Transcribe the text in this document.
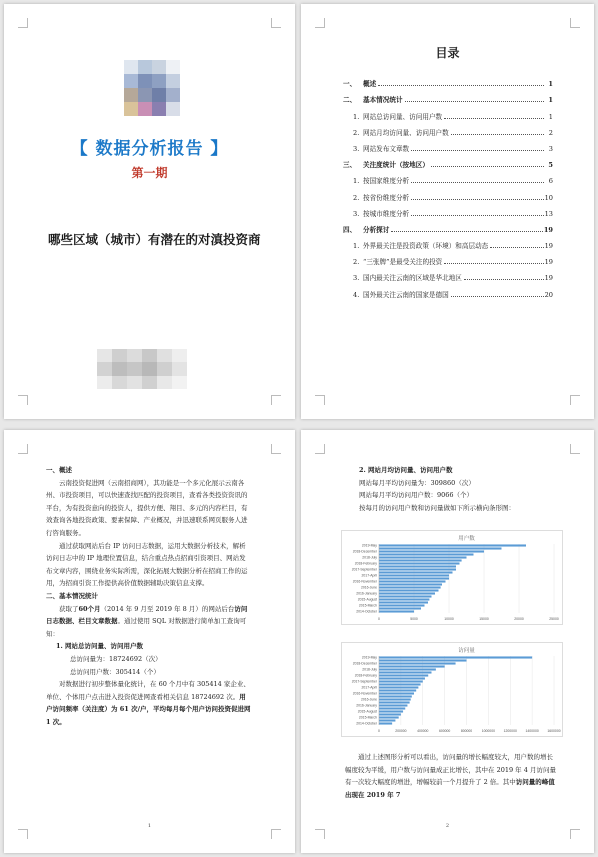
【 数据分析报告 】
第一期
哪些区域（城市）有潜在的对滇投资商
目录
一、	概述	1
二、	基本情况统计	1
1. 网站总访问量、访问用户数	1
2. 网站月均访问量、访问用户数	2
3. 网站发布文章数	3
三、	关注度统计（按地区）	5
1. 按国家维度分析	6
2. 按省份维度分析	10
3. 按城市维度分析	13
四、	分析探讨	19
1. 外界最关注是投资政策（环境）和高层动态	19
2. “三张牌”是最受关注的投资	19
3. 国内最关注云南的区域是华北地区	19
4. 国外最关注云南的国家是德国	20

一、概述

云南投资促进网（云南招商网），其功能是一个多元化展示云南各州、市投资项目，可以快速查找匹配的投资项目，查看各类投资资讯的平台，为有投资意向的投资人，提供方便、翔目、多元的内容栏目，有效查询各地投资政策、要素保障、产业概况，并迅速联系网页服务人进行咨询服务。

通过获取网站后台 IP 访问日志数据，运用大数据分析技术，解析访问日志中的 IP 地理位置信息，结合重点热点招商引资项目、网站发布文章内容，围绕业务实际所需，深化拓展大数据分析在招商工作的运用，为招商引资工作提供高价值数据辅助决策信息支撑。

二、基本情况统计

获取了60个月（2014 年 9 月至 2019 年 8 月）的网站后台访问日志数据、栏目文章数据。通过使用 SQL 对数据进行简单加工查询可知：

1. 网站总访问量、访问用户数

总访问量为：18724692（次）

总访问用户数：305414（个）

对数据进行初步整体量化统计，在 60 个月中有 305414 家企业、单位、个体用户点击进入投资促进网查看相关信息 18724692 次。用户访问频率（关注度）为 61 次/户，平均每月每个用户访问投资促进网 1 次。

1

2. 网站月均访问量、访问用户数

网站每月平均访问量为：309860（次）

网站每月平均访问用户数：9066（个）

按每月的访问用户数和访问量做如下所示横向条形图：

用户数
0	5000	10000	15000	20000	25000
2019-May
2018-December
2018-July
2018-February
2017-September
2017-April
2016-November
2016-June
2016-January
2015-August
2015-March
2014-October
访问量
0	200000	400000	600000	800000	1000000	1200000	1400000	1600000
2019-May
2018-December
2018-July
2018-February
2017-September
2017-April
2016-November
2016-June
2016-January
2015-August
2015-March
2014-October

通过上述图形分析可以看出，访问量的增长幅度较大，用户数的增长幅度较为平缓，用户数与访问量成正比增长，其中在 2019 年 4 月访问量有一次较大幅度的增进，增幅较前一个月提升了 2 倍。其中访问量的峰值出现在 2019 年 7

2
